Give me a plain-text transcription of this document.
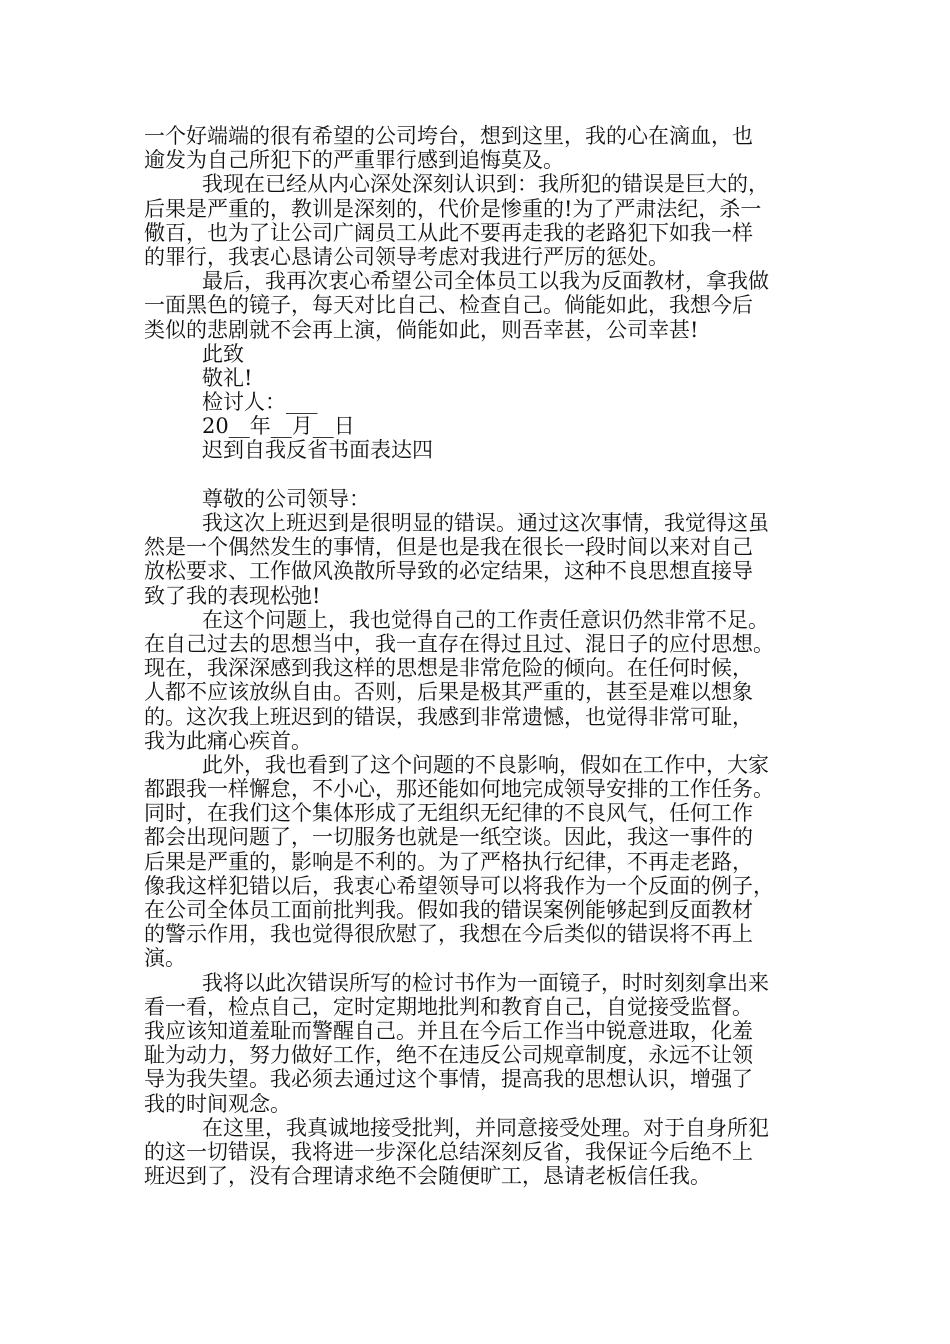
一个好端端的很有希望的公司垮台，想到这里，我的心在滴血，也
逾发为自己所犯下的严重罪行感到追悔莫及。
我现在已经从内心深处深刻认识到：我所犯的错误是巨大的，
后果是严重的，教训是深刻的，代价是惨重的!为了严肃法纪，杀一
儆百，也为了让公司广阔员工从此不要再走我的老路犯下如我一样
的罪行，我衷心恳请公司领导考虑对我进行严厉的惩处。
最后，我再次衷心希望公司全体员工以我为反面教材，拿我做
一面黑色的镜子，每天对比自己、检查自己。倘能如此，我想今后
类似的悲剧就不会再上演，倘能如此，则吾幸甚，公司幸甚!
此致
敬礼!
检讨人：___
20__年__月__日
迟到自我反省书面表达四
尊敬的公司领导：
我这次上班迟到是很明显的错误。通过这次事情，我觉得这虽
然是一个偶然发生的事情，但是也是我在很长一段时间以来对自己
放松要求、工作做风涣散所导致的必定结果，这种不良思想直接导
致了我的表现松弛!
在这个问题上，我也觉得自己的工作责任意识仍然非常不足。
在自己过去的思想当中，我一直存在得过且过、混日子的应付思想。
现在，我深深感到我这样的思想是非常危险的倾向。在任何时候，
人都不应该放纵自由。否则，后果是极其严重的，甚至是难以想象
的。这次我上班迟到的错误，我感到非常遗憾，也觉得非常可耻，
我为此痛心疾首。
此外，我也看到了这个问题的不良影响，假如在工作中，大家
都跟我一样懈怠，不小心，那还能如何地完成领导安排的工作任务。
同时，在我们这个集体形成了无组织无纪律的不良风气，任何工作
都会出现问题了，一切服务也就是一纸空谈。因此，我这一事件的
后果是严重的，影响是不利的。为了严格执行纪律，不再走老路，
像我这样犯错以后，我衷心希望领导可以将我作为一个反面的例子，
在公司全体员工面前批判我。假如我的错误案例能够起到反面教材
的警示作用，我也觉得很欣慰了，我想在今后类似的错误将不再上
演。
我将以此次错误所写的检讨书作为一面镜子，时时刻刻拿出来
看一看，检点自己，定时定期地批判和教育自己，自觉接受监督。
我应该知道羞耻而警醒自己。并且在今后工作当中锐意进取，化羞
耻为动力，努力做好工作，绝不在违反公司规章制度，永远不让领
导为我失望。我必须去通过这个事情，提高我的思想认识，增强了
我的时间观念。
在这里，我真诚地接受批判，并同意接受处理。对于自身所犯
的这一切错误，我将进一步深化总结深刻反省，我保证今后绝不上
班迟到了，没有合理请求绝不会随便旷工，恳请老板信任我。
